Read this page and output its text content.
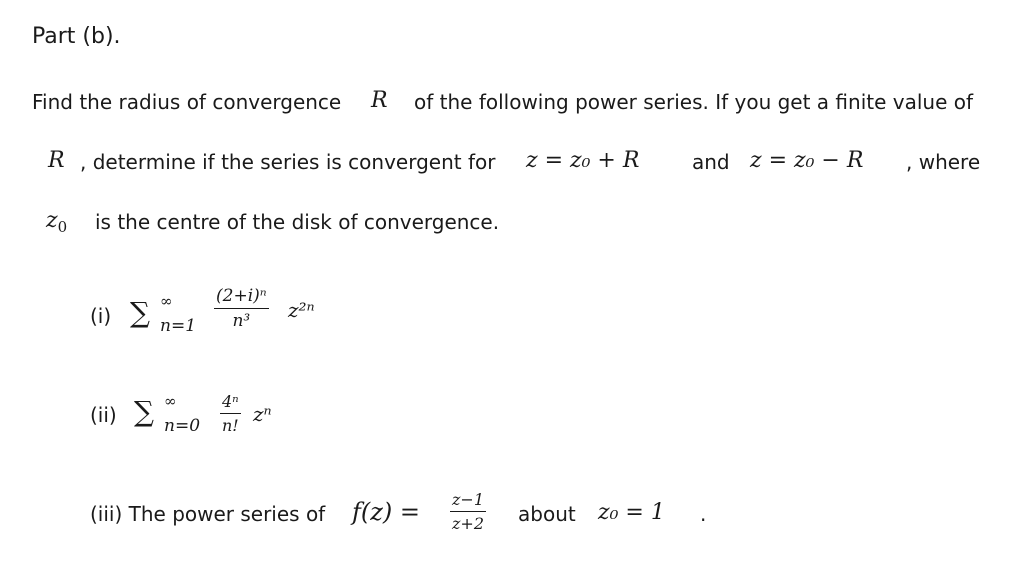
Part (b).
Find the radius of convergence R of the following power series. If you get a finite value of
R , determine if the series is convergent for z = z₀ + R	and z = z₀ − R , where
$z_0$ is the centre of the disk of convergence.
(i) ∑ ∞
n=1
(2+i)ⁿ
n³	z²ⁿ
(ii) ∑ ∞
n=0
4ⁿ
n! zⁿ
(iii) The power series of f(z) = z−1
z+2 about z₀ = 1 .
